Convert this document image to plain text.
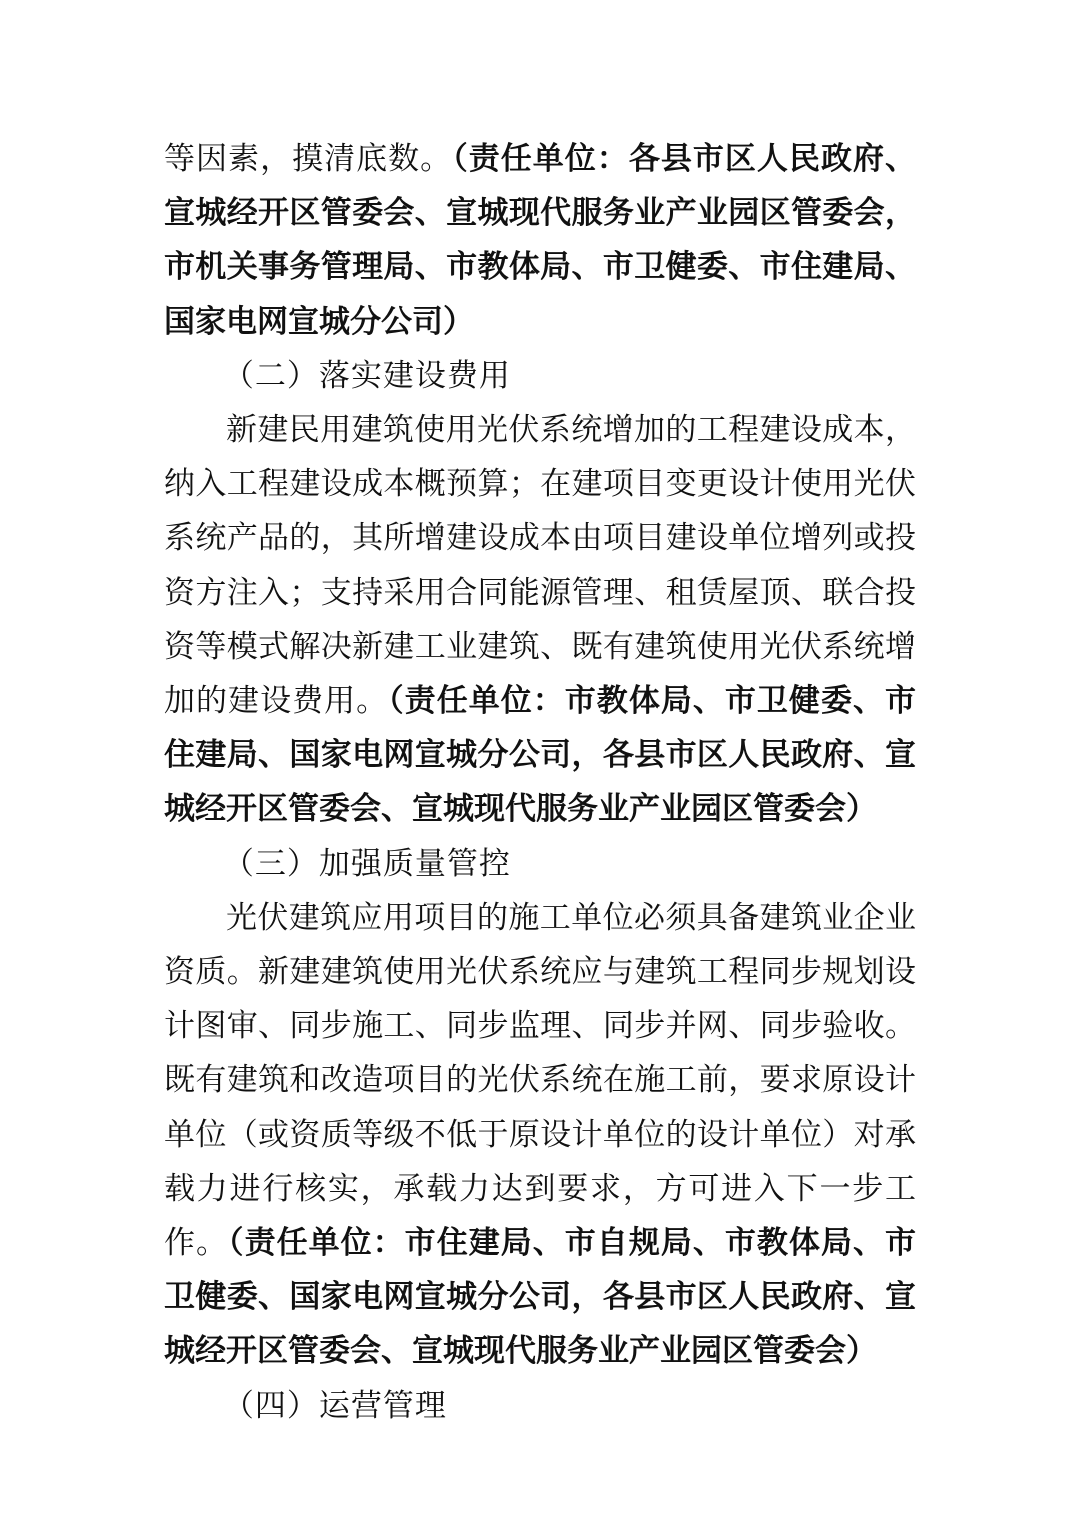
等因素，摸清底数。（责任单位：各县市区人民政府、宣城经开区管委会、宣城现代服务业产业园区管委会，市机关事务管理局、市教体局、市卫健委、市住建局、国家电网宣城分公司）

（二）落实建设费用

新建民用建筑使用光伏系统增加的工程建设成本，纳入工程建设成本概预算；在建项目变更设计使用光伏系统产品的，其所增建设成本由项目建设单位增列或投资方注入；支持采用合同能源管理、租赁屋顶、联合投资等模式解决新建工业建筑、既有建筑使用光伏系统增加的建设费用。（责任单位：市教体局、市卫健委、市住建局、国家电网宣城分公司，各县市区人民政府、宣城经开区管委会、宣城现代服务业产业园区管委会）

（三）加强质量管控

光伏建筑应用项目的施工单位必须具备建筑业企业资质。新建建筑使用光伏系统应与建筑工程同步规划设计图审、同步施工、同步监理、同步并网、同步验收。既有建筑和改造项目的光伏系统在施工前，要求原设计单位（或资质等级不低于原设计单位的设计单位）对承载力进行核实，承载力达到要求，方可进入下一步工作。（责任单位：市住建局、市自规局、市教体局、市卫健委、国家电网宣城分公司，各县市区人民政府、宣城经开区管委会、宣城现代服务业产业园区管委会）

（四）运营管理
